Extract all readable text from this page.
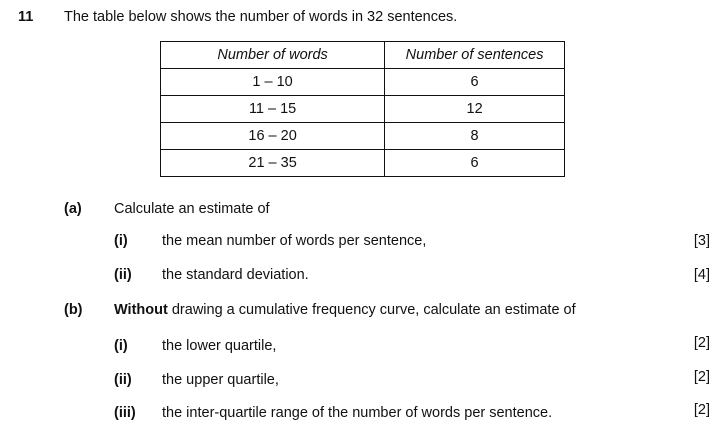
11 The table below shows the number of words in 32 sentences.
Number of words	Number of sentences
1 – 10	6
11 – 15	12
16 – 20	8
21 – 35	6
(a) Calculate an estimate of
(i) the mean number of words per sentence,	[3]
(ii) the standard deviation.	[4]
(b) Without drawing a cumulative frequency curve, calculate an estimate of
(i) the lower quartile,	[2]
(ii) the upper quartile,	[2]
(iii) the inter-quartile range of the number of words per sentence.	[2]
